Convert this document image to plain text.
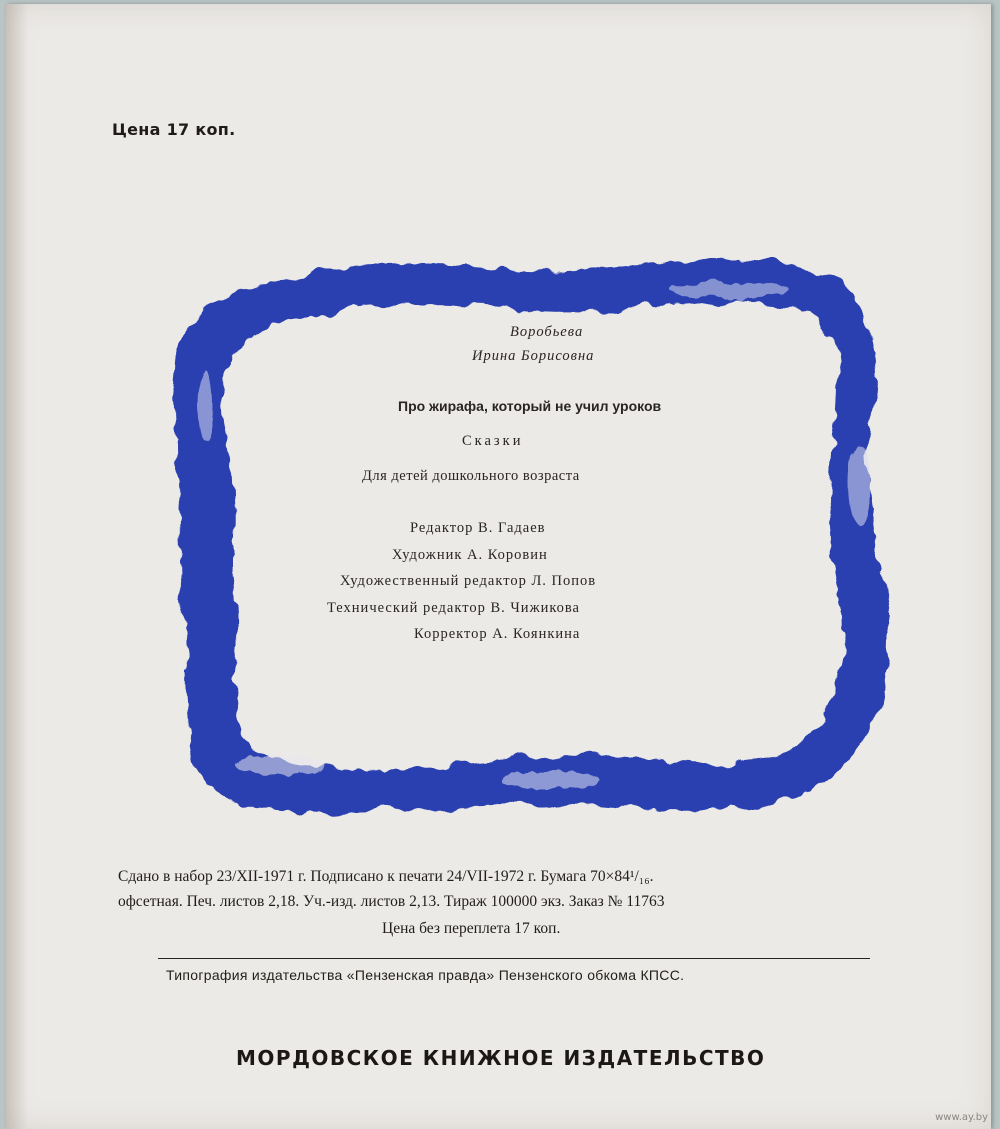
Цена 17 коп.
Воробьева
Ирина Борисовна
Про жирафа, который не учил уроков
Сказки
Для детей дошкольного возраста
Редактор В. Гадаев
Художник А. Коровин
Художественный редактор Л. Попов
Технический редактор В. Чижикова
Корректор А. Коянкина
Сдано в набор 23/XII-1971 г. Подписано к печати 24/VII-1972 г. Бумага 70×84¹/₁₆.
офсетная. Печ. листов 2,18. Уч.-изд. листов 2,13. Тираж 100000 экз. Заказ № 11763
Цена без переплета 17 коп.
Типография издательства «Пензенская правда» Пензенского обкома КПСС.
МОРДОВСКОЕ КНИЖНОЕ ИЗДАТЕЛЬСТВО
www.ay.by
